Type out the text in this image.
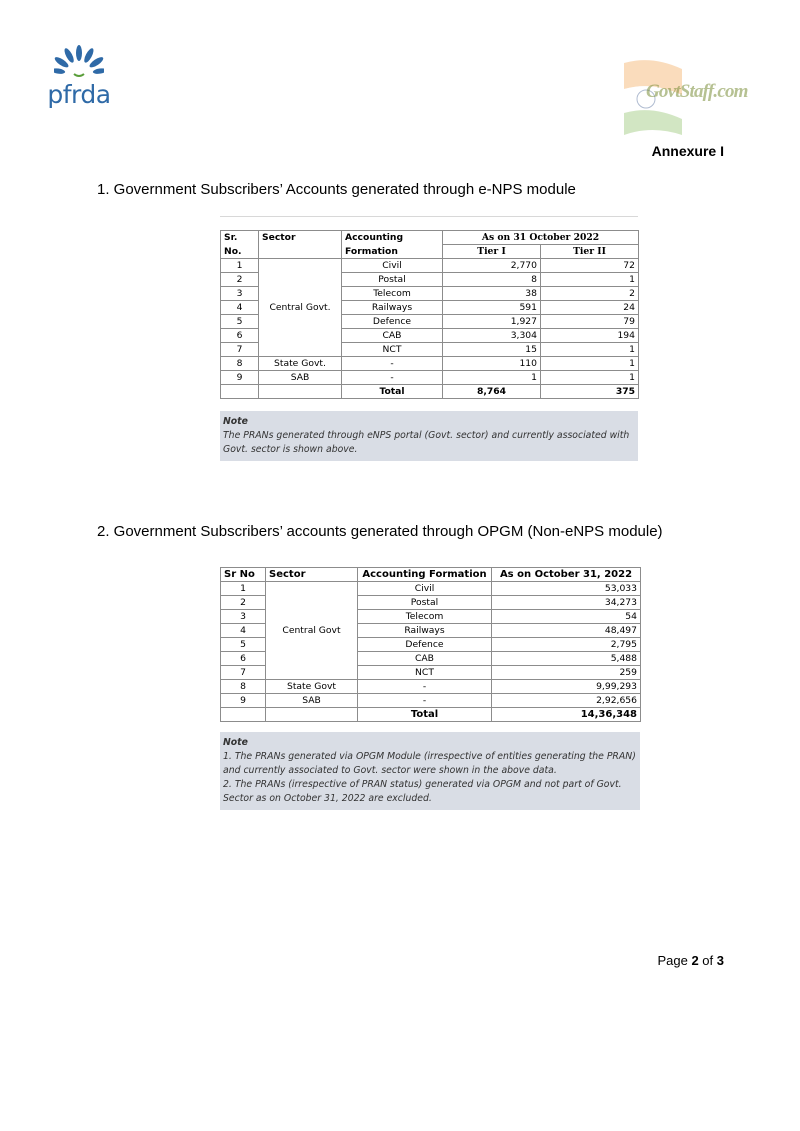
pfrda	GovtStaff.com
Annexure I
1. Government Subscribers’ Accounts generated through e-NPS module
Sr.	Sector	Accounting	As on 31 October 2022	
No.		Formation	Tier I	Tier II
1	Central Govt.	Civil	2,770	72
2		Postal	8	1
3		Telecom	38	2
4		Railways	591	24
5		Defence	1,927	79
6		CAB	3,304	194
7		NCT	15	1
8	State Govt.	-	110	1
9	SAB	-	1	1
		Total	8,764	375
Note
The PRANs generated through eNPS portal (Govt. sector) and currently associated with Govt. sector is shown above.
2. Government Subscribers’ accounts generated through OPGM (Non-eNPS module)
Sr No	Sector	Accounting Formation	As on October 31, 2022
1	Central Govt	Civil	53,033
2		Postal	34,273
3		Telecom	54
4		Railways	48,497
5		Defence	2,795
6		CAB	5,488
7		NCT	259
8	State Govt	-	9,99,293
9	SAB	-	2,92,656
		Total	14,36,348
Note
1. The PRANs generated via OPGM Module (irrespective of entities generating the PRAN) and currently associated to Govt. sector were shown in the above data.
2. The PRANs (irrespective of PRAN status) generated via OPGM and not part of Govt. Sector as on October 31, 2022 are excluded.
Page 2 of 3
